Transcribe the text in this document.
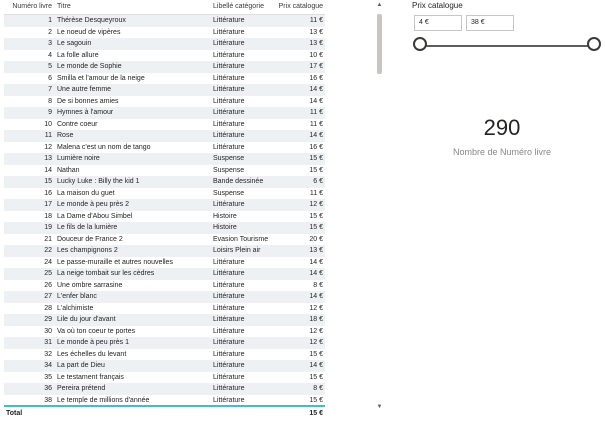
Numéro livre Titre	Libellé catégorie	Prix catalogue
1 Thérèse Desqueyroux	Littérature	11 €
2 Le noeud de vipères	Littérature	13 €
3 Le sagouin	Littérature	13 €
4 La folle allure	Littérature	10 €
5 Le monde de Sophie	Littérature	17 €
6 Smilla et l'amour de la neige	Littérature	16 €
7 Une autre femme	Littérature	14 €
8 De si bonnes amies	Littérature	14 €
9 Hymnes à l'amour	Littérature	11 €
10 Contre coeur	Littérature	11 €
11 Rose	Littérature	14 €
12 Malena c'est un nom de tango	Littérature	16 €
13 Lumière noire	Suspense	15 €
14 Nathan	Suspense	15 €
15 Lucky Luke : Billy the kid 1	Bande dessinée	6 €
16 La maison du guet	Suspense	11 €
17 Le monde à peu près 2	Littérature	12 €
18 La Dame d'Abou Simbel	Histoire	15 €
19 Le fils de la lumière	Histoire	15 €
21 Douceur de France 2	Evasion Tourisme	20 €
22 Les champignons 2	Loisirs Plein air	13 €
24 Le passe-muraille et autres nouvelles	Littérature	14 €
25 La neige tombait sur les cèdres	Littérature	14 €
26 Une ombre sarrasine	Littérature	8 €
27 L'enfer blanc	Littérature	14 €
28 L'alchimiste	Littérature	12 €
29 Lile du jour d'avant	Littérature	18 €
30 Va où ton coeur te portes	Littérature	12 €
31 Le monde à peu près 1	Littérature	12 €
32 Les échelles du levant	Littérature	15 €
34 La part de Dieu	Littérature	14 €
35 Le testament français	Littérature	15 €
36 Pereira prétend	Littérature	8 €
38 Le temple de millions d'année	Littérature	15 €
Total	15 €
▲
▼
Prix catalogue
4 €	38 €
290
Nombre de Numéro livre
